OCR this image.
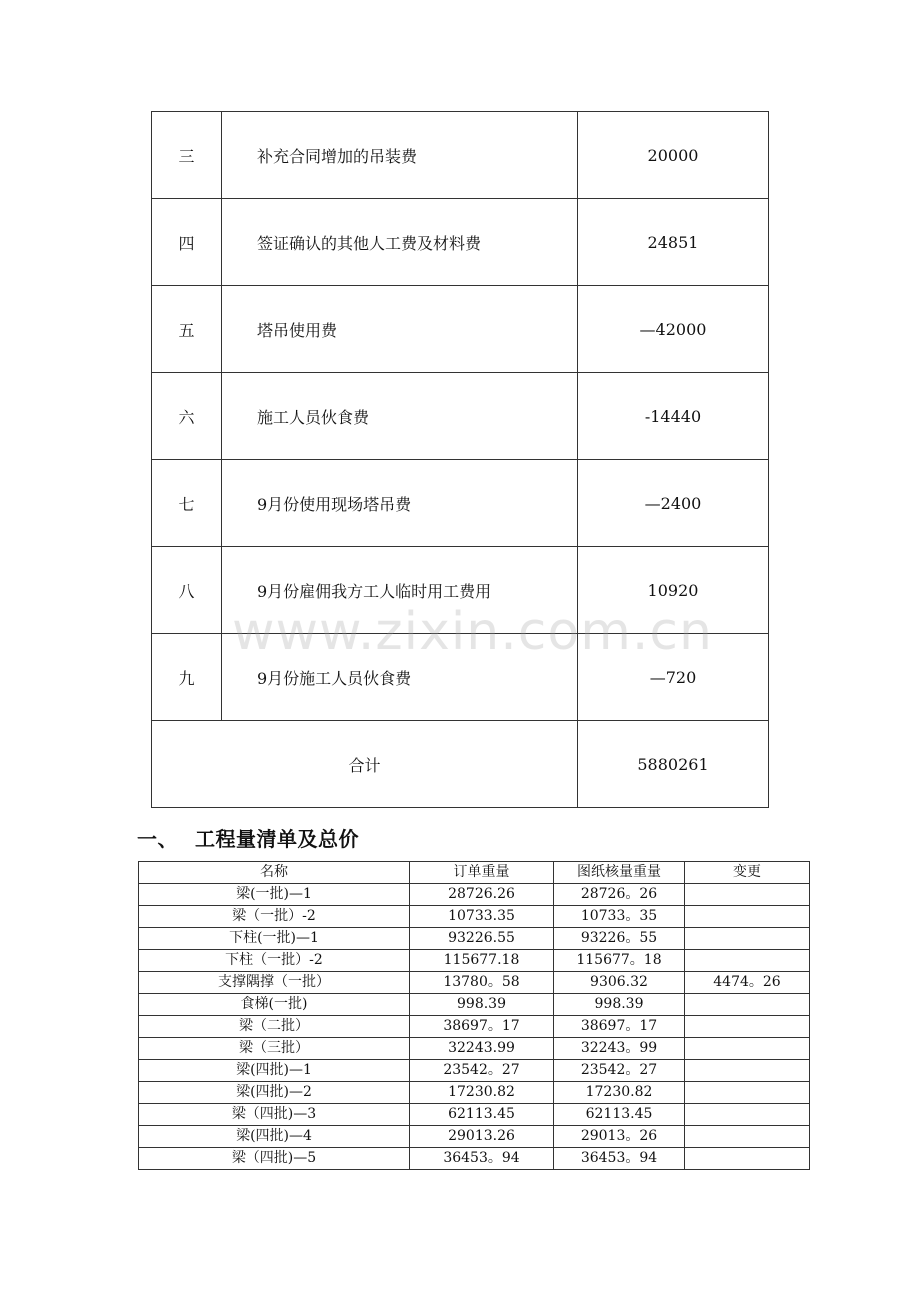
三	补充合同增加的吊装费	20000
四	签证确认的其他人工费及材料费	24851
五	塔吊使用费	—42000
六	施工人员伙食费	-14440
七	9月份使用现场塔吊费	—2400
八	9月份雇佣我方工人临时用工费用	10920
九	9月份施工人员伙食费	—720
合计		5880261
一、 工程量清单及总价
名称	订单重量	图纸核量重量	变更
梁(一批)—1	28726.26	28726。26	
梁（一批）-2	10733.35	10733。35	
下柱(一批)—1	93226.55	93226。55	
下柱（一批）-2	115677.18	115677。18	
支撑隅撑（一批）	13780。58	9306.32	4474。26
食梯(一批)	998.39	998.39	
梁（二批）	38697。17	38697。17	
梁（三批）	32243.99	32243。99	
梁(四批)—1	23542。27	23542。27	
梁(四批)—2	17230.82	17230.82	
梁（四批)—3	62113.45	62113.45	
梁(四批)—4	29013.26	29013。26	
梁（四批)—5	36453。94	36453。94	
www.zixin.com.cn
